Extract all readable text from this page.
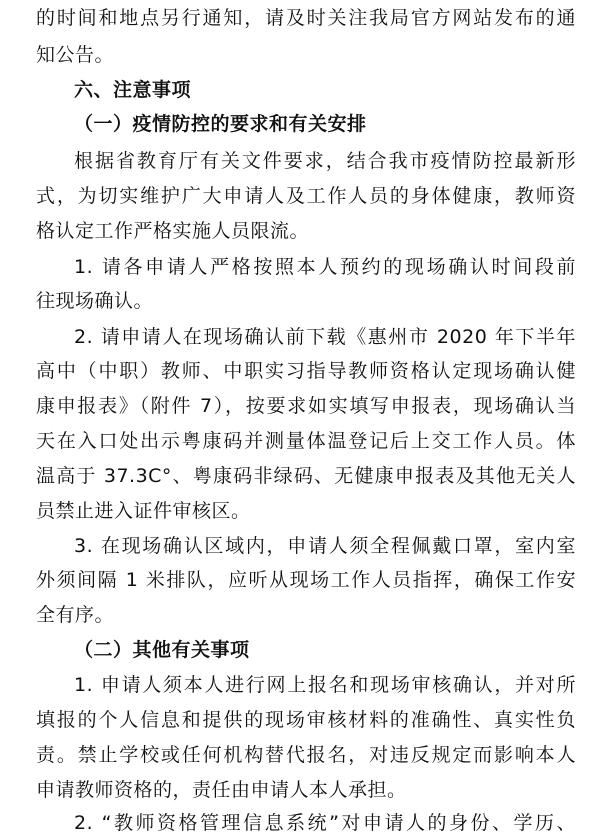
的时间和地点另行通知，请及时关注我局官方网站发布的通
知公告。
六、注意事项
（一）疫情防控的要求和有关安排
根据省教育厅有关文件要求，结合我市疫情防控最新形
式，为切实维护广大申请人及工作人员的身体健康，教师资
格认定工作严格实施人员限流。
1. 请各申请人严格按照本人预约的现场确认时间段前
往现场确认。
2. 请申请人在现场确认前下载《惠州市 2020 年下半年
高中（中职）教师、中职实习指导教师资格认定现场确认健
康申报表》（附件 7），按要求如实填写申报表，现场确认当
天在入口处出示粤康码并测量体温登记后上交工作人员。体
温高于 37.3C°、粤康码非绿码、无健康申报表及其他无关人
员禁止进入证件审核区。
3. 在现场确认区域内，申请人须全程佩戴口罩，室内室
外须间隔 1 米排队，应听从现场工作人员指挥，确保工作安
全有序。
（二）其他有关事项
1. 申请人须本人进行网上报名和现场审核确认，并对所
填报的个人信息和提供的现场审核材料的准确性、真实性负
责。禁止学校或任何机构替代报名，对违反规定而影响本人
申请教师资格的，责任由申请人本人承担。
2. “教师资格管理信息系统”对申请人的身份、学历、
